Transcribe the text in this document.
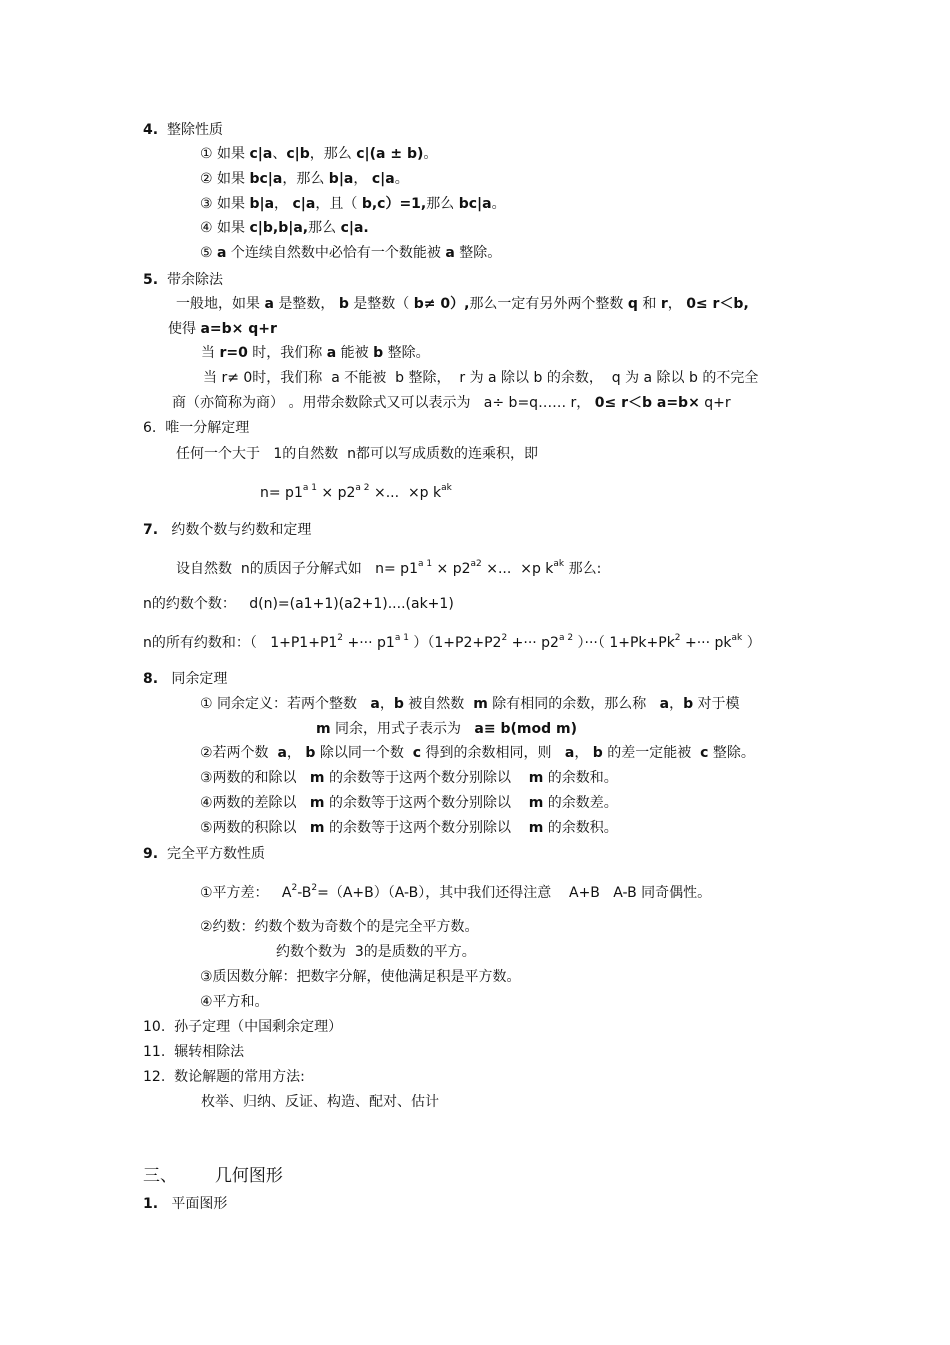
4. 整除性质
① 如果 c|a、c|b，那么 c|(a ± b)。
② 如果 bc|a，那么 b|a， c|a。
③ 如果 b|a， c|a，且（ b,c）=1,那么 bc|a。
④ 如果 c|b,b|a,那么 c|a.
⑤ a 个连续自然数中必恰有一个数能被 a 整除。
5. 带余除法
一般地，如果 a 是整数， b 是整数（ b≠ 0）,那么一定有另外两个整数 q 和 r， 0≤ r＜b,
使得 a=b× q+r
当 r=0 时，我们称 a 能被 b 整除。
当 r≠ 0时，我们称  a 不能被  b 整除，  r 为 a 除以 b 的余数，  q 为 a 除以 b 的不完全
商（亦简称为商） 。用带余数除式又可以表示为   a÷ b=q…… r， 0≤ r＜b a=b× q+r
6. 唯一分解定理
任何一个大于   1的自然数  n都可以写成质数的连乘积，即
$n= p1^{a 1} \times p2^{a 2}$ ×...  ×p $k^{ak}$
7. 约数个数与约数和定理
设自然数  n的质因子分解式如   $n= p1^{a 1} \times p2^{a2}$ ×...  ×p $k^{ak}$ 那么:
n的约数个数：   d(n)=(a1+1)(a2+1)....(ak+1)
n的所有约数和：（   $1+P1+P1^2$ +··· $p1^{a 1}$ ）（$1+P2+P2^2$ +··· $p2^{a 2}$ ）···（ $1+Pk+Pk^2$ +··· $pk^{ak}$ ）
8. 同余定理
① 同余定义：若两个整数   a，b 被自然数  m 除有相同的余数，那么称   a，b 对于模
m 同余，用式子表示为   a≡ b(mod m)
②若两个数  a， b 除以同一个数  c 得到的余数相同，则   a， b 的差一定能被  c 整除。
③两数的和除以   m 的余数等于这两个数分别除以    m 的余数和。
④两数的差除以   m 的余数等于这两个数分别除以    m 的余数差。
⑤两数的积除以   m 的余数等于这两个数分别除以    m 的余数积。
9. 完全平方数性质
①平方差：   $A^2-B^2=(A+B)(A-B)$，其中我们还得注意    A+B   A-B 同奇偶性。
②约数：约数个数为奇数个的是完全平方数。
约数个数为  3的是质数的平方。
③质因数分解：把数字分解，使他满足积是平方数。
④平方和。
10.  孙子定理（中国剩余定理）
11.  辗转相除法
12.  数论解题的常用方法:
枚举、归纳、反证、构造、配对、估计
三、 几何图形
1. 平面图形
